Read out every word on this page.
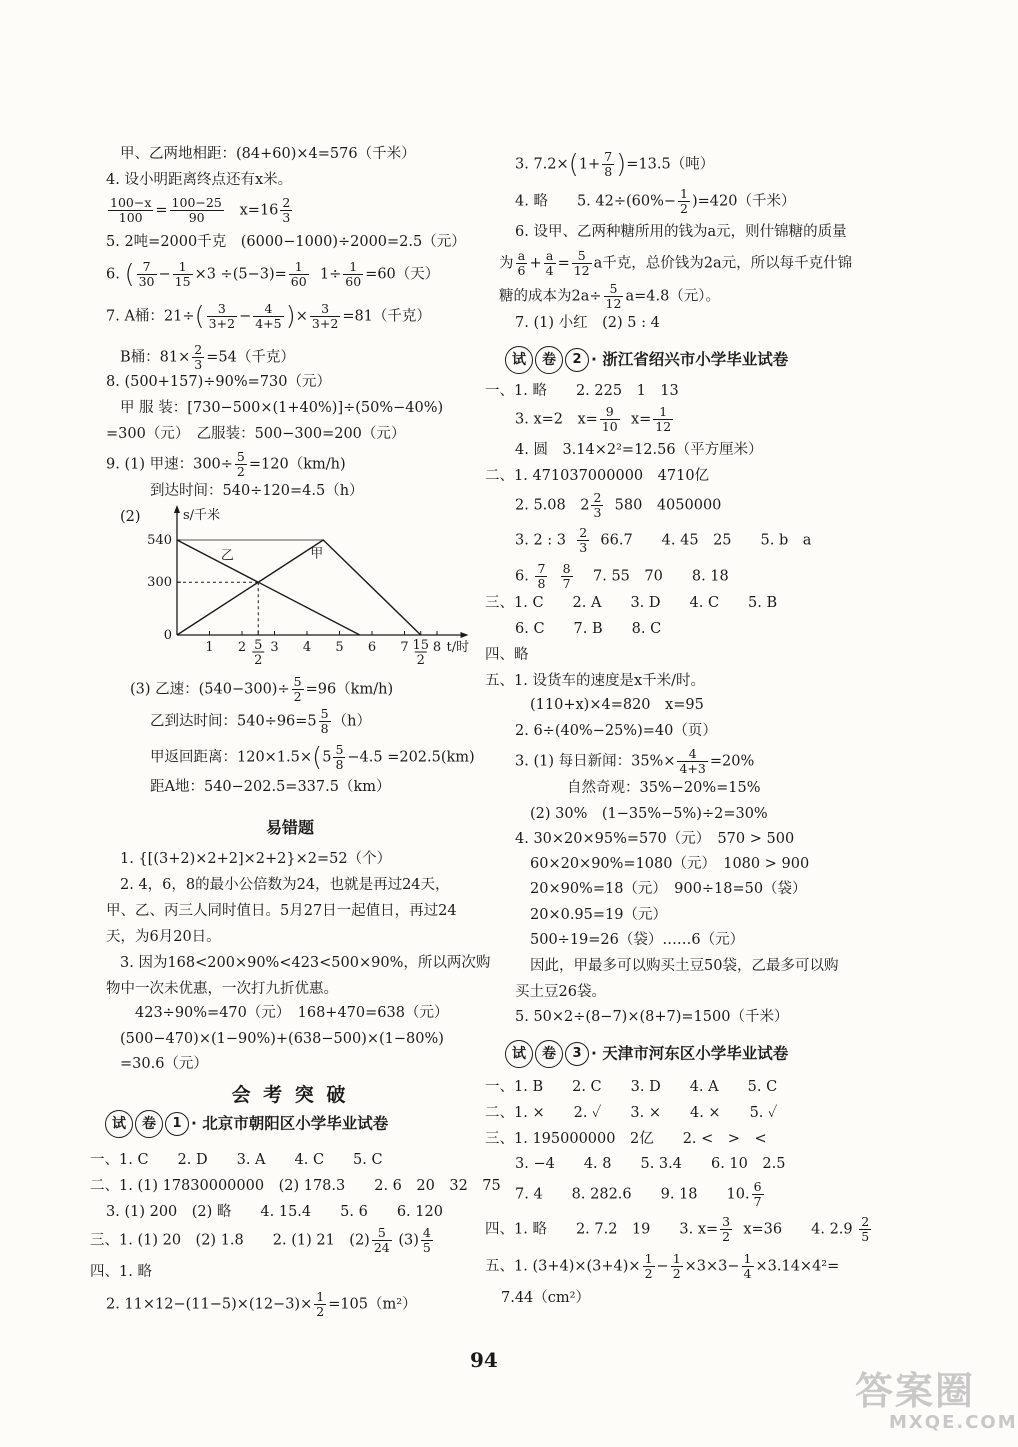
甲、乙两地相距：(84+60)×4=576（千米）
4. 设小明距离终点还有x米。
$\frac{100-x}{100} = \frac{100-25}{90} x=16 \frac{2}{3}$
5. 2吨=2000千克　(6000−1000)÷2000=2.5（元）
6. ( $\frac{7}{30} - \frac{1}{15} \times 3 \div(5-3)= \frac{1}{60} 1\div \frac{1}{60} =60$（天）
7. A桶：$21\div( \frac{3}{3+2} - \frac{4}{4+5}$ )× $\frac{3}{3+2} =81$（千克）
B桶：$81\times \frac{2}{3} =54$（千克）
8. (500+157)÷90%=730（元）
甲 服 装：[730−500×(1+40%)]÷(50%−40%)
=300（元）　乙服装：500−300=200（元）
9. (1) 甲速：$300\div \frac{5}{2} =120(km/h)$
到达时间：540÷120=4.5（h）
(2)	s/千米
t/时
0
300
540
1 2 3 4 5 6 7 8
5
2
15
2
乙	甲
(3) 乙速：$(540-300)\div \frac{5}{2} =96(km/h)$
乙到达时间：$540\div 96=5 \frac{5}{8} (h)$
甲返回距离：$120\times 1.5\times(5 \frac{5}{8} -4.5 =202.5(km)$
距A地：540−202.5=337.5（km）
易错题
1. {[(3+2)×2+2]×2+2}×2=52（个）
2. 4，6，8的最小公倍数为24，也就是再过24天，
甲、乙、丙三人同时值日。5月27日一起值日，再过24
天，为6月20日。
3. 因为168<200×90%<423<500×90%，所以两次购
物中一次未优惠，一次打九折优惠。
423÷90%=470（元）　168+470=638（元）
(500−470)×(1−90%)+(638−500)×(1−80%)
=30.6（元）
会 考 突 破
试 卷 1 · 北京市朝阳区小学毕业试卷
一、1. C　　2. D　　3. A　　4. C　　5. C
二、1. (1) 17830000000　(2) 178.3　　2. 6　20　32　75
3. (1) 200　(2) 略　　4. 15.4　　5. 6　　6. 120
三、1. (1) 20　(2) 1.8　　2. (1) 21　$(2) \frac{5}{24} (3) \frac{4}{5}$
四、1. 略
2. $11\times 12-(11-5)\times(12-3)\times \frac{1}{2} =105(m^2)$
3. $7.2\times(1+ \frac{7}{8} )=13.5$（吨）
4. 略　　5. $42\div(60\%- \frac{1}{2} )=420$（千米）
6. 设甲、乙两种糖所用的钱为a元，则什锦糖的质量
为 $\frac{a}{6} + \frac{a}{4} = \frac{5}{12}$ a千克，总价钱为2a元，所以每千克什锦
糖的成本为$2a\div \frac{5}{12} a=4.8$（元）。
7. (1) 小红　(2) 5 : 4
试 卷 2 · 浙江省绍兴市小学毕业试卷
一、1. 略　　2. 225　1　13
3. x=2　$x= \frac{9}{10} x= \frac{1}{12}$
4. 圆　3.14×2²=12.56（平方厘米）
二、1. 471037000000　4710亿
2. 5.08　$2 \frac{2}{3} 580$　4050000
3. 2 : $3 \frac{2}{3} 66.7$　　4. 45　25　　5. b　a
6. $\frac{7}{8}$
$\frac{8}{7} 7$. 55　70　　8. 18
三、1. C　　2. A　　3. D　　4. C　　5. B
6. C　　7. B　　8. C
四、略
五、1. 设货车的速度是x千米/时。
(110+x)×4=820　x=95
2. 6÷(40%−25%)=40（页）
3. (1) 每日新闻：$35\%\times \frac{4}{4+3} =20\%$
自然奇观：35%−20%=15%
(2) 30%　(1−35%−5%)÷2=30%
4. 30×20×95%=570（元）　570 > 500
60×20×90%=1080（元）　1080 > 900
20×90%=18（元）　900÷18=50（袋）
20×0.95=19（元）
500÷19=26（袋）……6（元）
因此，甲最多可以购买土豆50袋，乙最多可以购
买土豆26袋。
5. 50×2÷(8−7)×(8+7)=1500（千米）
试 卷 3 · 天津市河东区小学毕业试卷
一、1. B　　2. C　　3. D　　4. A　　5. C
二、1. ×　　2. ✓　　3. ×　　4. ×　　5. ✓
三、1. 195000000　2亿　　2. <　>　<
3. −4　　4. 8　　5. 3.4　　6. 10　2.5
7. 4　　8. 282.6　　9. 18　　10. $\frac{6}{7}$
四、1. 略　　2. 7.2　19　　3. $x= \frac{3}{2} x=36$　　4. $2.9 \frac{2}{5}$
五、1. $(3+4)\times(3+4)\times \frac{1}{2} - \frac{1}{2} \times 3\times 3- \frac{1}{4} \times 3.14\times 4^2=$
7.44（cm²）
94
答案圈
MXQE.COM
